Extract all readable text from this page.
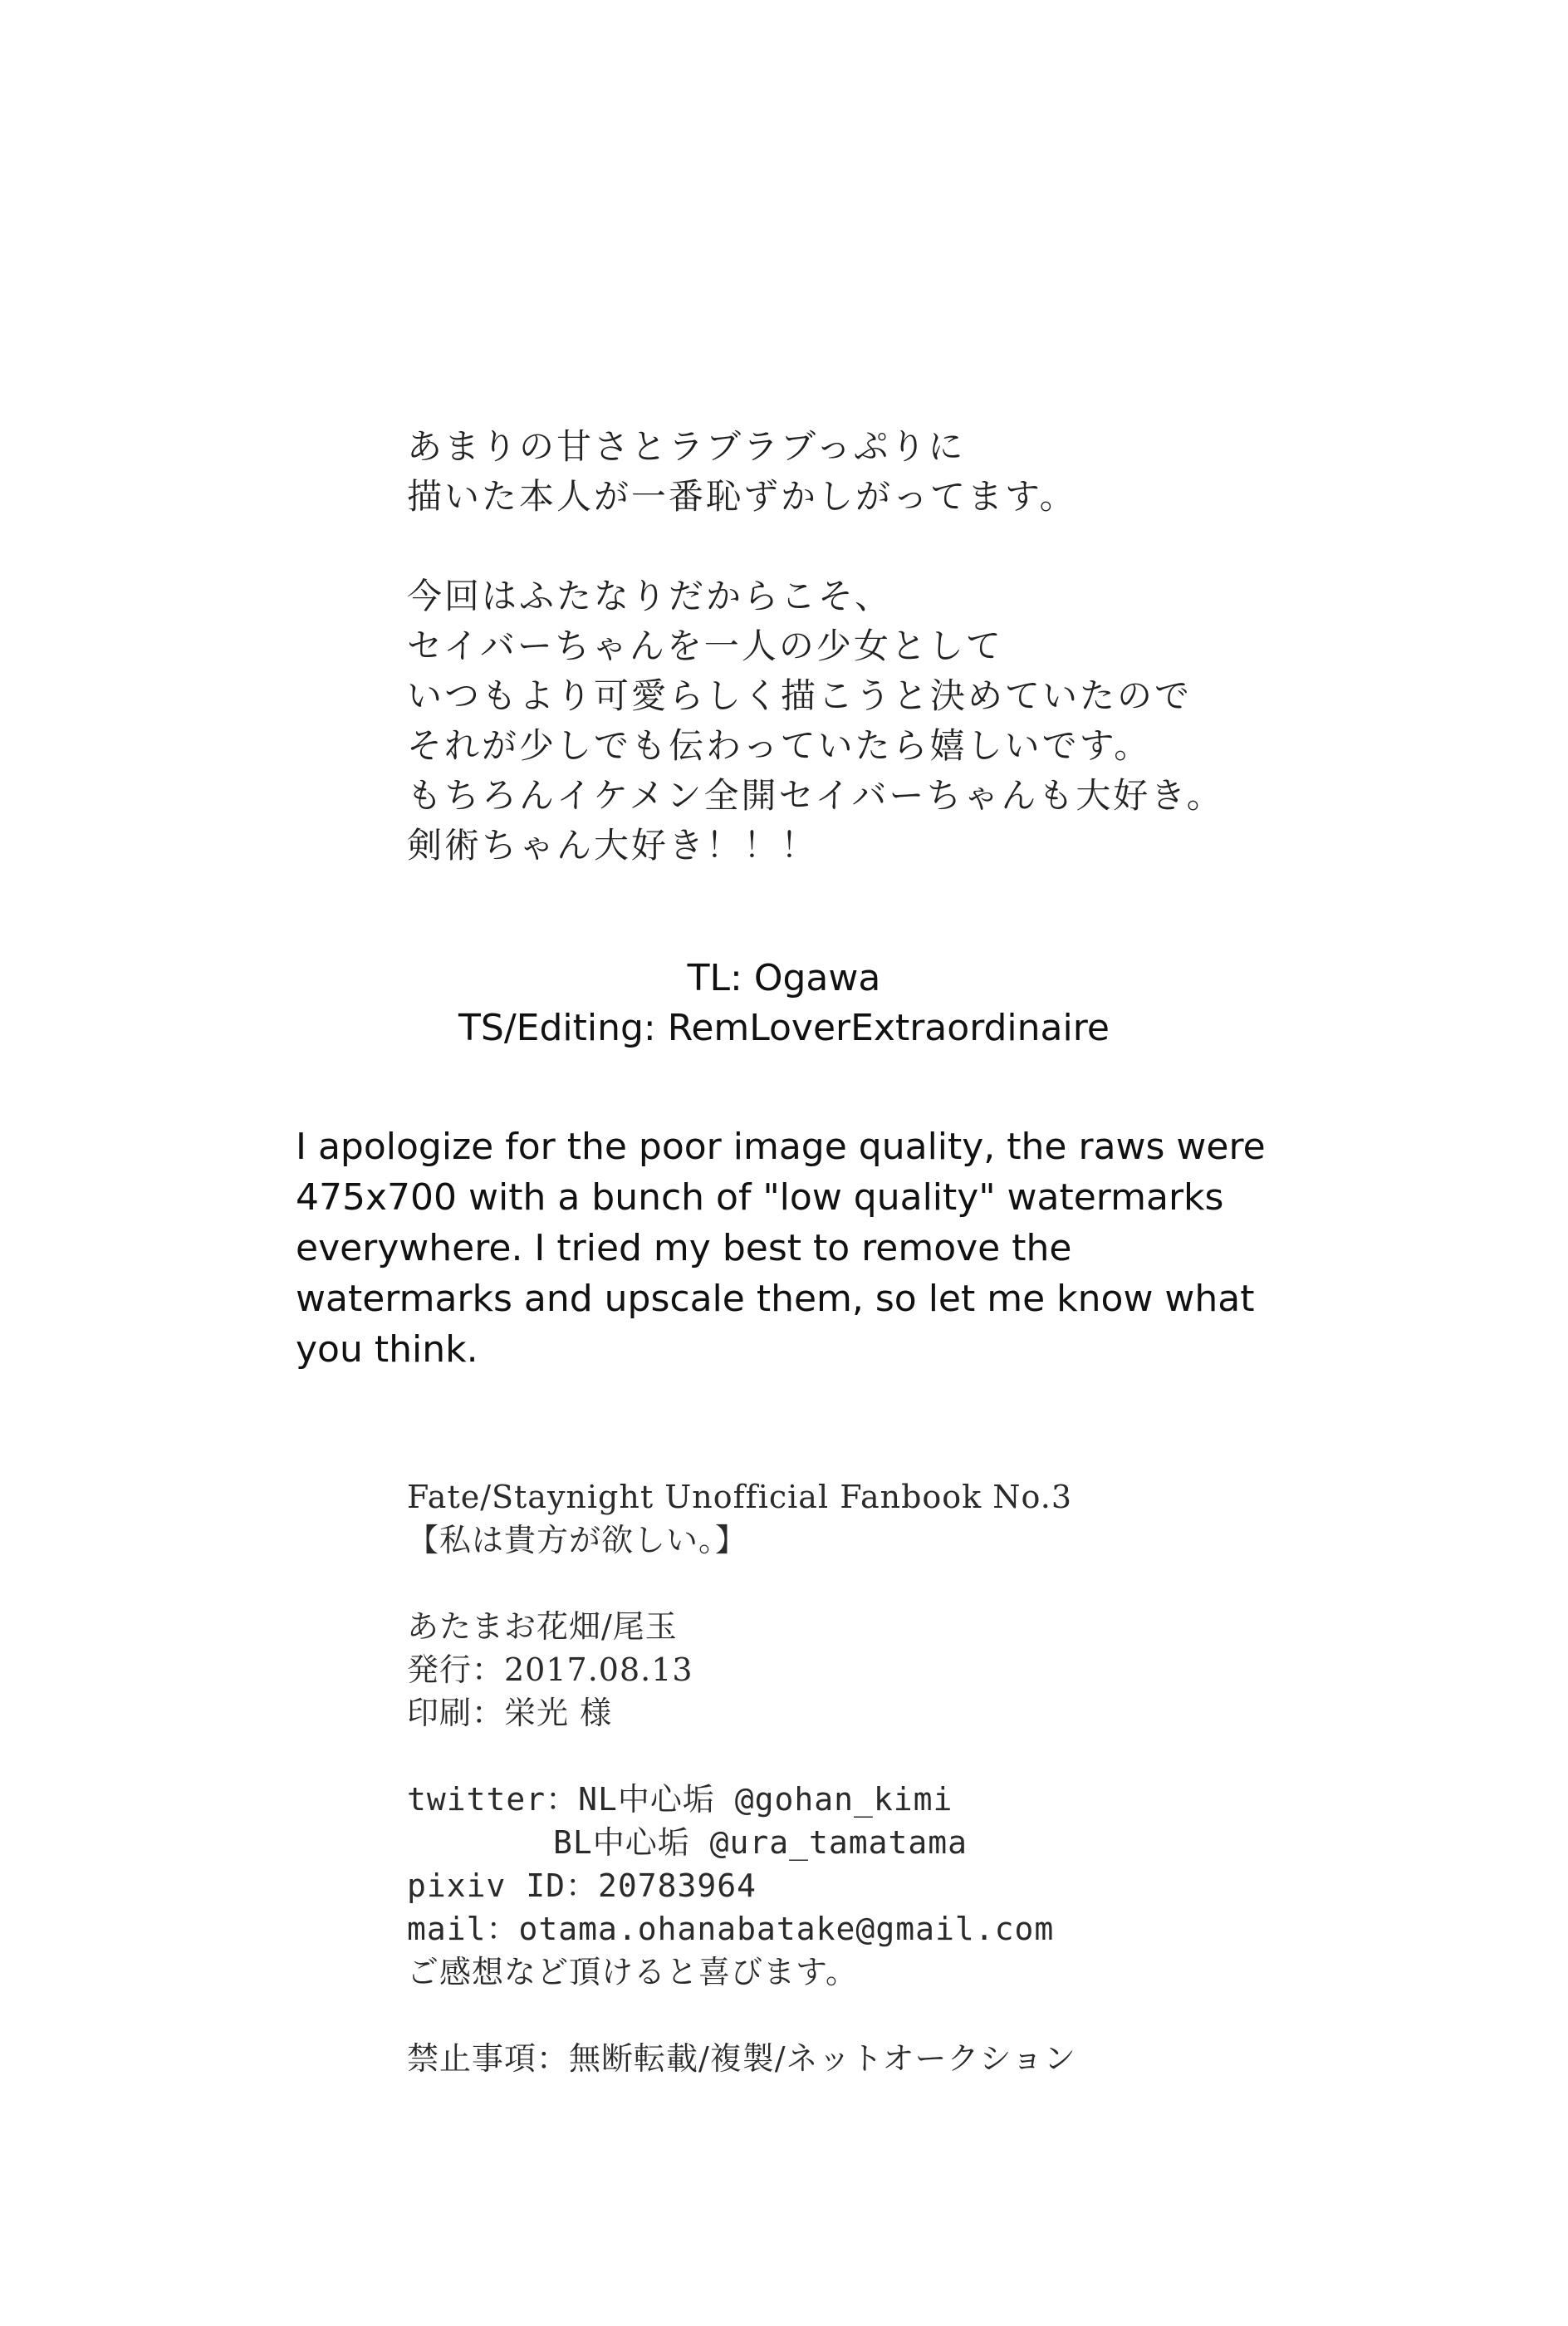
あまりの甘さとラブラブっぷりに
描いた本人が一番恥ずかしがってます。
今回はふたなりだからこそ、
セイバーちゃんを一人の少女として
いつもより可愛らしく描こうと決めていたので
それが少しでも伝わっていたら嬉しいです。
もちろんイケメン全開セイバーちゃんも大好き。
剣術ちゃん大好き！！！
TL: Ogawa
TS/Editing: RemLoverExtraordinaire
I apologize for the poor image quality, the raws were
475x700 with a bunch of "low quality" watermarks
everywhere. I tried my best to remove the
watermarks and upscale them, so let me know what
you think.
Fate/Staynight Unofficial Fanbook No.3
【私は貴方が欲しい。】
あたまお花畑/尾玉
発行：2017.08.13
印刷：栄光 様
twitter：NL中心垢 @gohan_kimi
BL中心垢 @ura_tamatama
pixiv ID：20783964
mail：otama.ohanabatake@gmail.com
ご感想など頂けると喜びます。
禁止事項：無断転載/複製/ネットオークション
